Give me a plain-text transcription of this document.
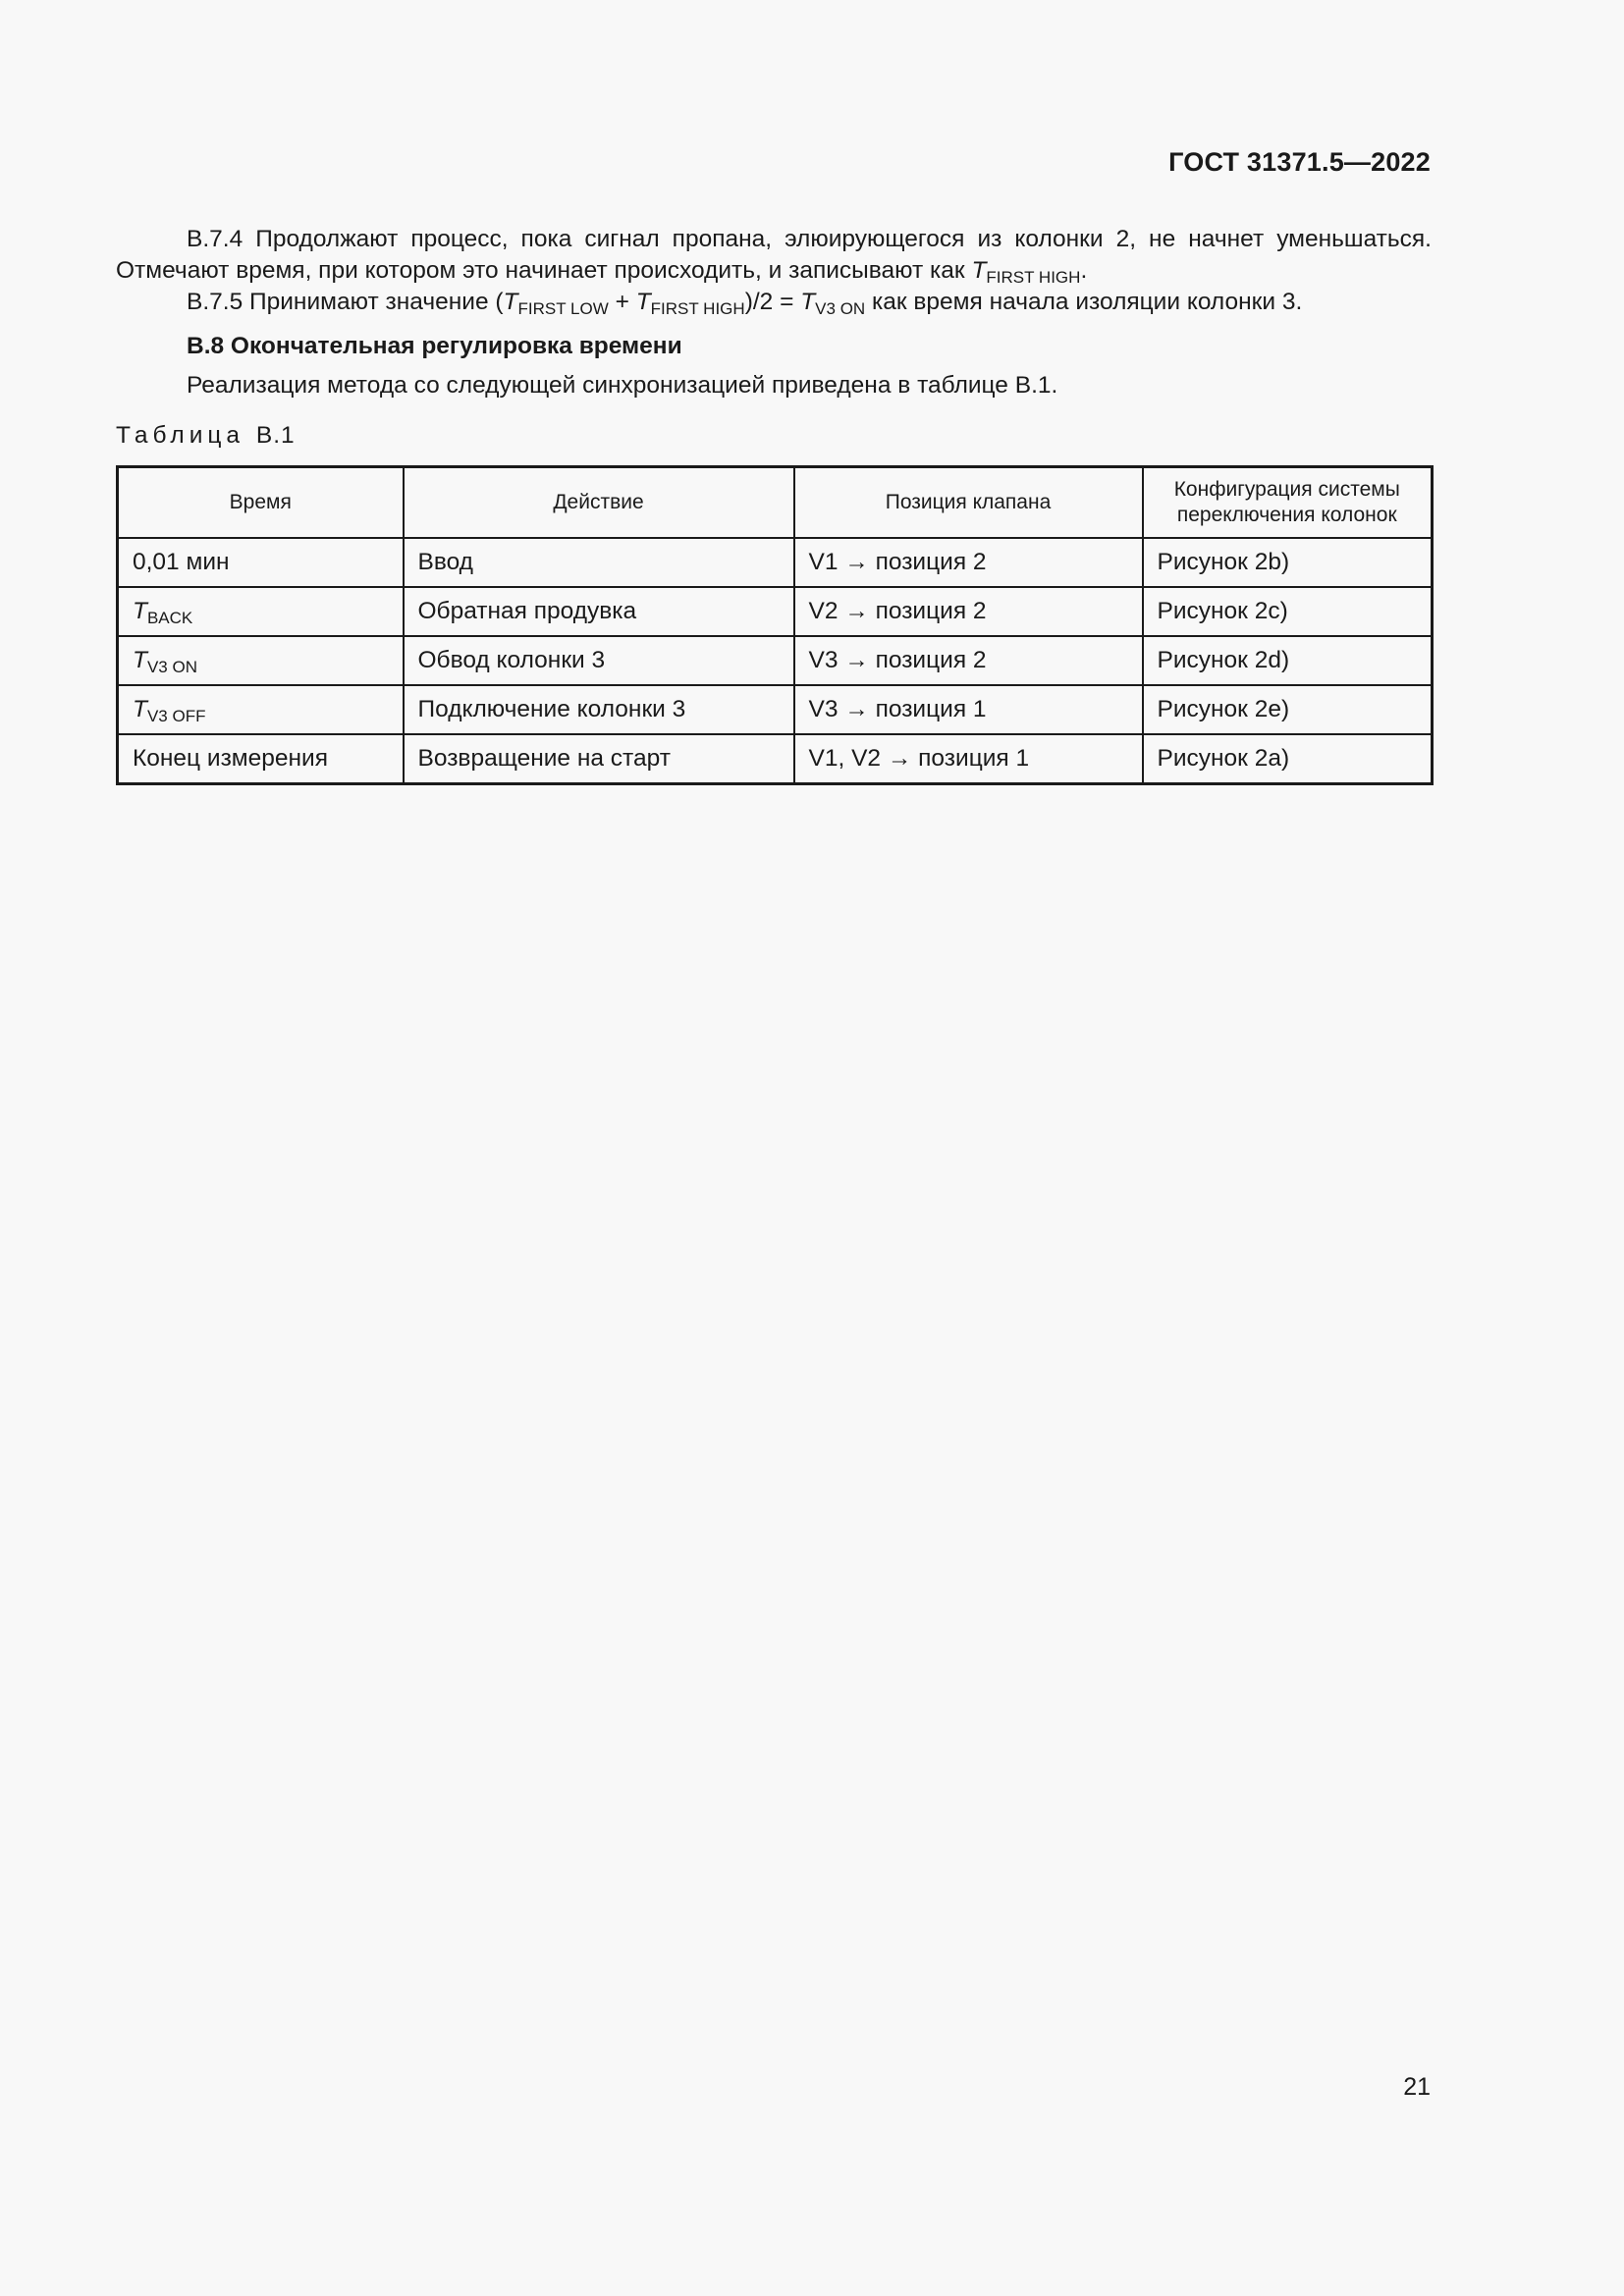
ГОСТ 31371.5—2022
В.7.4 Продолжают процесс, пока сигнал пропана, элюирующегося из колонки 2, не начнет уменьшаться. Отмечают время, при котором это начинает происходить, и записывают как $T_{FIRST HIGH}$.
В.7.5 Принимают значение $(T_{FIRST LOW} + T_{FIRST HIGH})/2 = T_{V3 ON}$ как время начала изоляции колонки 3.
В.8 Окончательная регулировка времени
Реализация метода со следующей синхронизацией приведена в таблице В.1.
Таблица В.1
Время	Действие	Позиция клапана	Конфигурация системы переключения колонок
0,01 мин	Ввод	V1 → позиция 2	Рисунок 2b)
$T_{BACK}$	Обратная продувка	V2 → позиция 2	Рисунок 2c)
$T_{V3 ON}$	Обвод колонки 3	V3 → позиция 2	Рисунок 2d)
$T_{V3 OFF}$	Подключение колонки 3	V3 → позиция 1	Рисунок 2e)
Конец измерения	Возвращение на старт	V1, V2 → позиция 1	Рисунок 2a)
21
